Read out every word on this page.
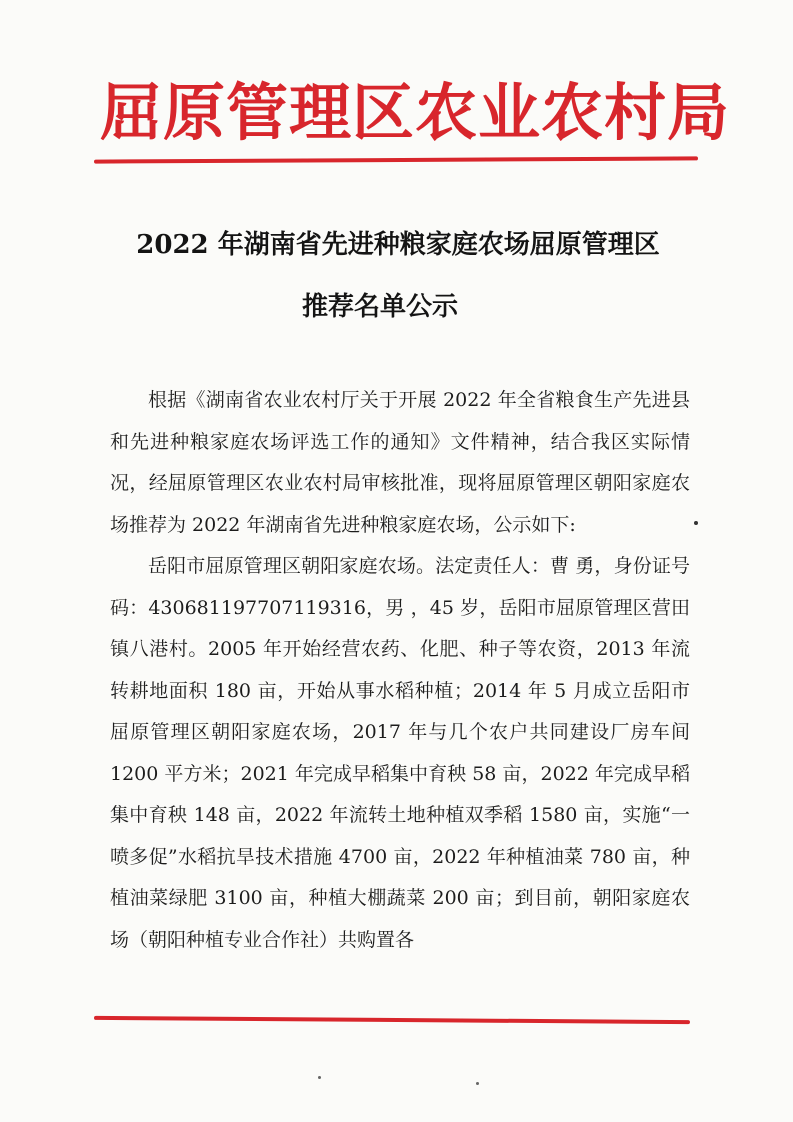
屈原管理区农业农村局
2022 年湖南省先进种粮家庭农场屈原管理区
推荐名单公示

根据《湖南省农业农村厅关于开展 2022 年全省粮食生产先进县和先进种粮家庭农场评选工作的通知》文件精神，结合我区实际情况，经屈原管理区农业农村局审核批准，现将屈原管理区朝阳家庭农场推荐为 2022 年湖南省先进种粮家庭农场，公示如下:

岳阳市屈原管理区朝阳家庭农场。法定责任人：曹 勇，身份证号码：430681197707119316，男 ，45 岁，岳阳市屈原管理区营田镇八港村。2005 年开始经营农药、化肥、种子等农资，2013 年流转耕地面积 180 亩，开始从事水稻种植；2014 年 5 月成立岳阳市屈原管理区朝阳家庭农场，2017 年与几个农户共同建设厂房车间 1200 平方米；2021 年完成早稻集中育秧 58 亩，2022 年完成早稻集中育秧 148 亩，2022 年流转土地种植双季稻 1580 亩，实施“一喷多促”水稻抗旱技术措施 4700 亩，2022 年种植油菜 780 亩，种植油菜绿肥 3100 亩，种植大棚蔬菜 200 亩；到目前，朝阳家庭农场（朝阳种植专业合作社）共购置各
